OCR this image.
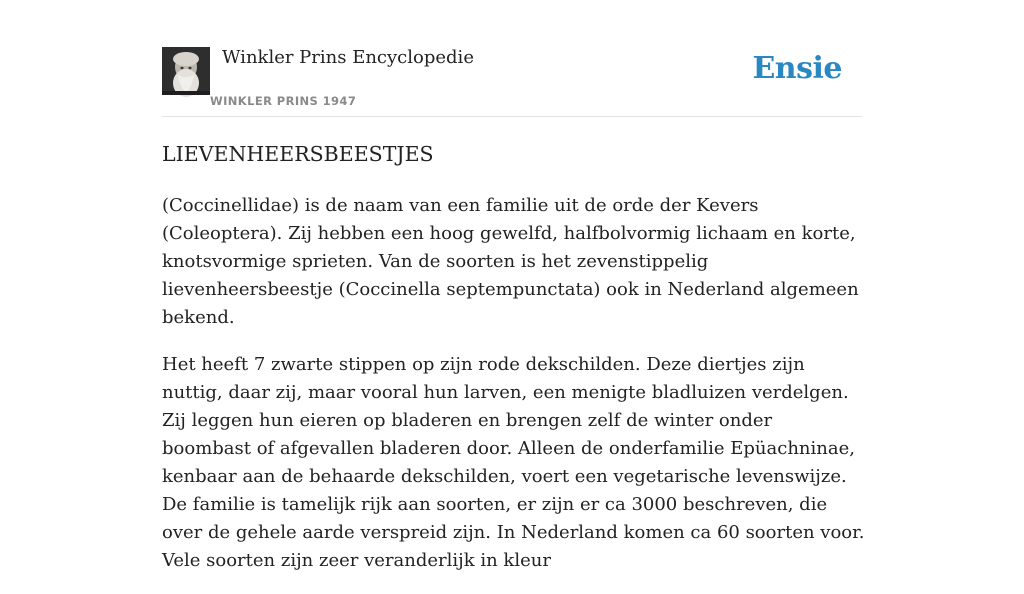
Winkler Prins Encyclopedie
WINKLER PRINS 1947
Ensie
LIEVENHEERSBEESTJES

(Coccinellidae) is de naam van een familie uit de orde der Kevers (Coleoptera). Zij hebben een hoog gewelfd, halfbolvormig lichaam en korte, knotsvormige sprieten. Van de soorten is het zevenstippelig lievenheersbeestje (Coccinella septempunctata) ook in Nederland algemeen bekend.

Het heeft 7 zwarte stippen op zijn rode dekschilden. Deze diertjes zijn nuttig, daar zij, maar vooral hun larven, een menigte bladluizen verdelgen. Zij leggen hun eieren op bladeren en brengen zelf de winter onder boombast of afgevallen bladeren door. Alleen de onderfamilie Epüachninae, kenbaar aan de behaarde dekschilden, voert een vegetarische levenswijze. De familie is tamelijk rijk aan soorten, er zijn er ca 3000 beschreven, die over de gehele aarde verspreid zijn. In Nederland komen ca 60 soorten voor. Vele soorten zijn zeer veranderlijk in kleur
